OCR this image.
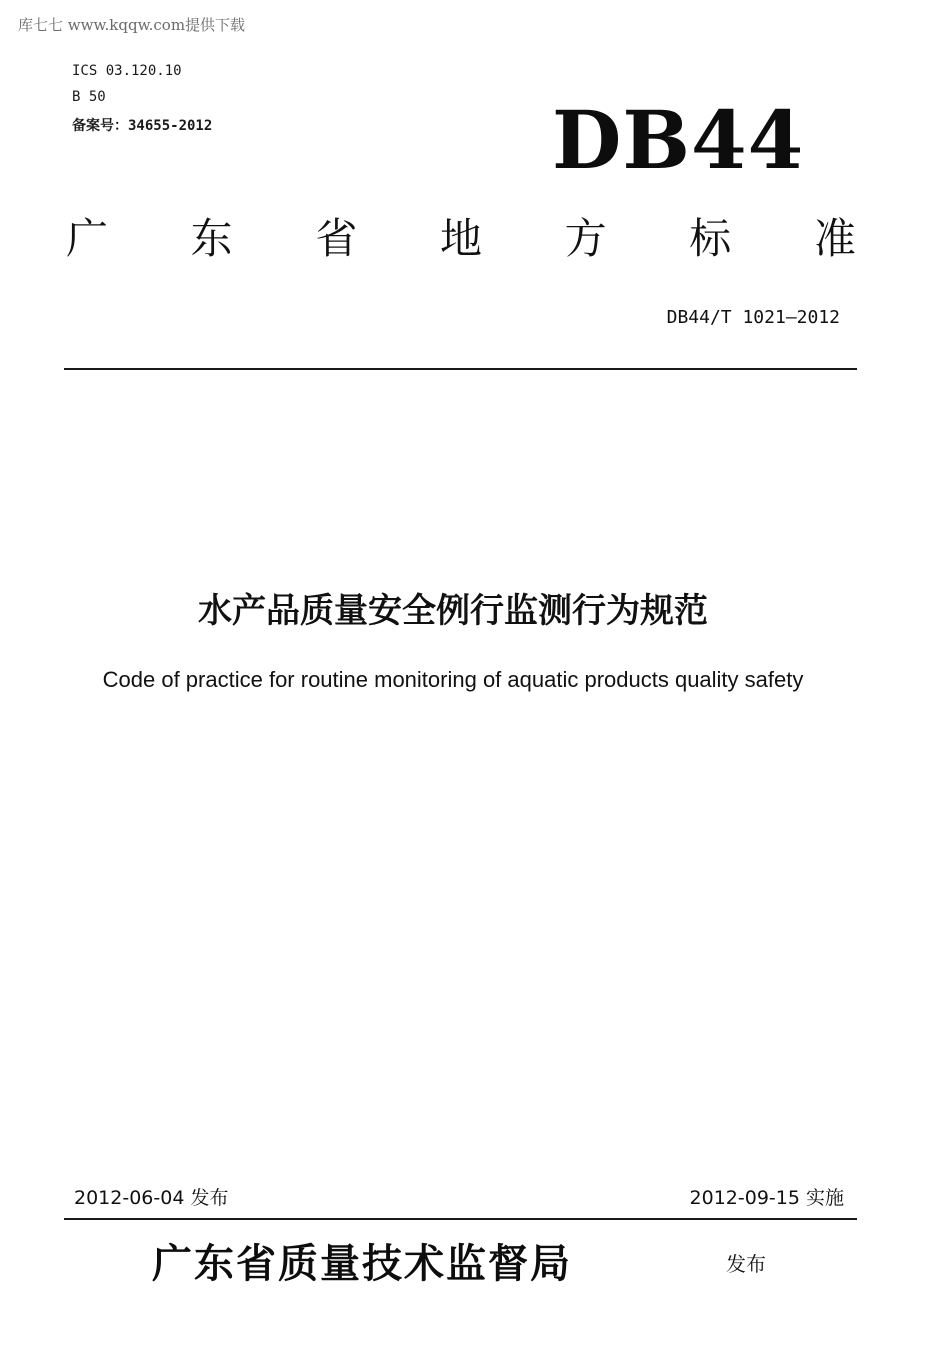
库七七 www.kqqw.com提供下载
ICS 03.120.10
B 50
备案号：34655-2012	DB44
广 东 省 地 方 标 准
DB44/T 1021—2012
水产品质量安全例行监测行为规范
Code of practice for routine monitoring of aquatic products quality safety
2012-06-04 发布	2012-09-15 实施
广东省质量技术监督局	发布
